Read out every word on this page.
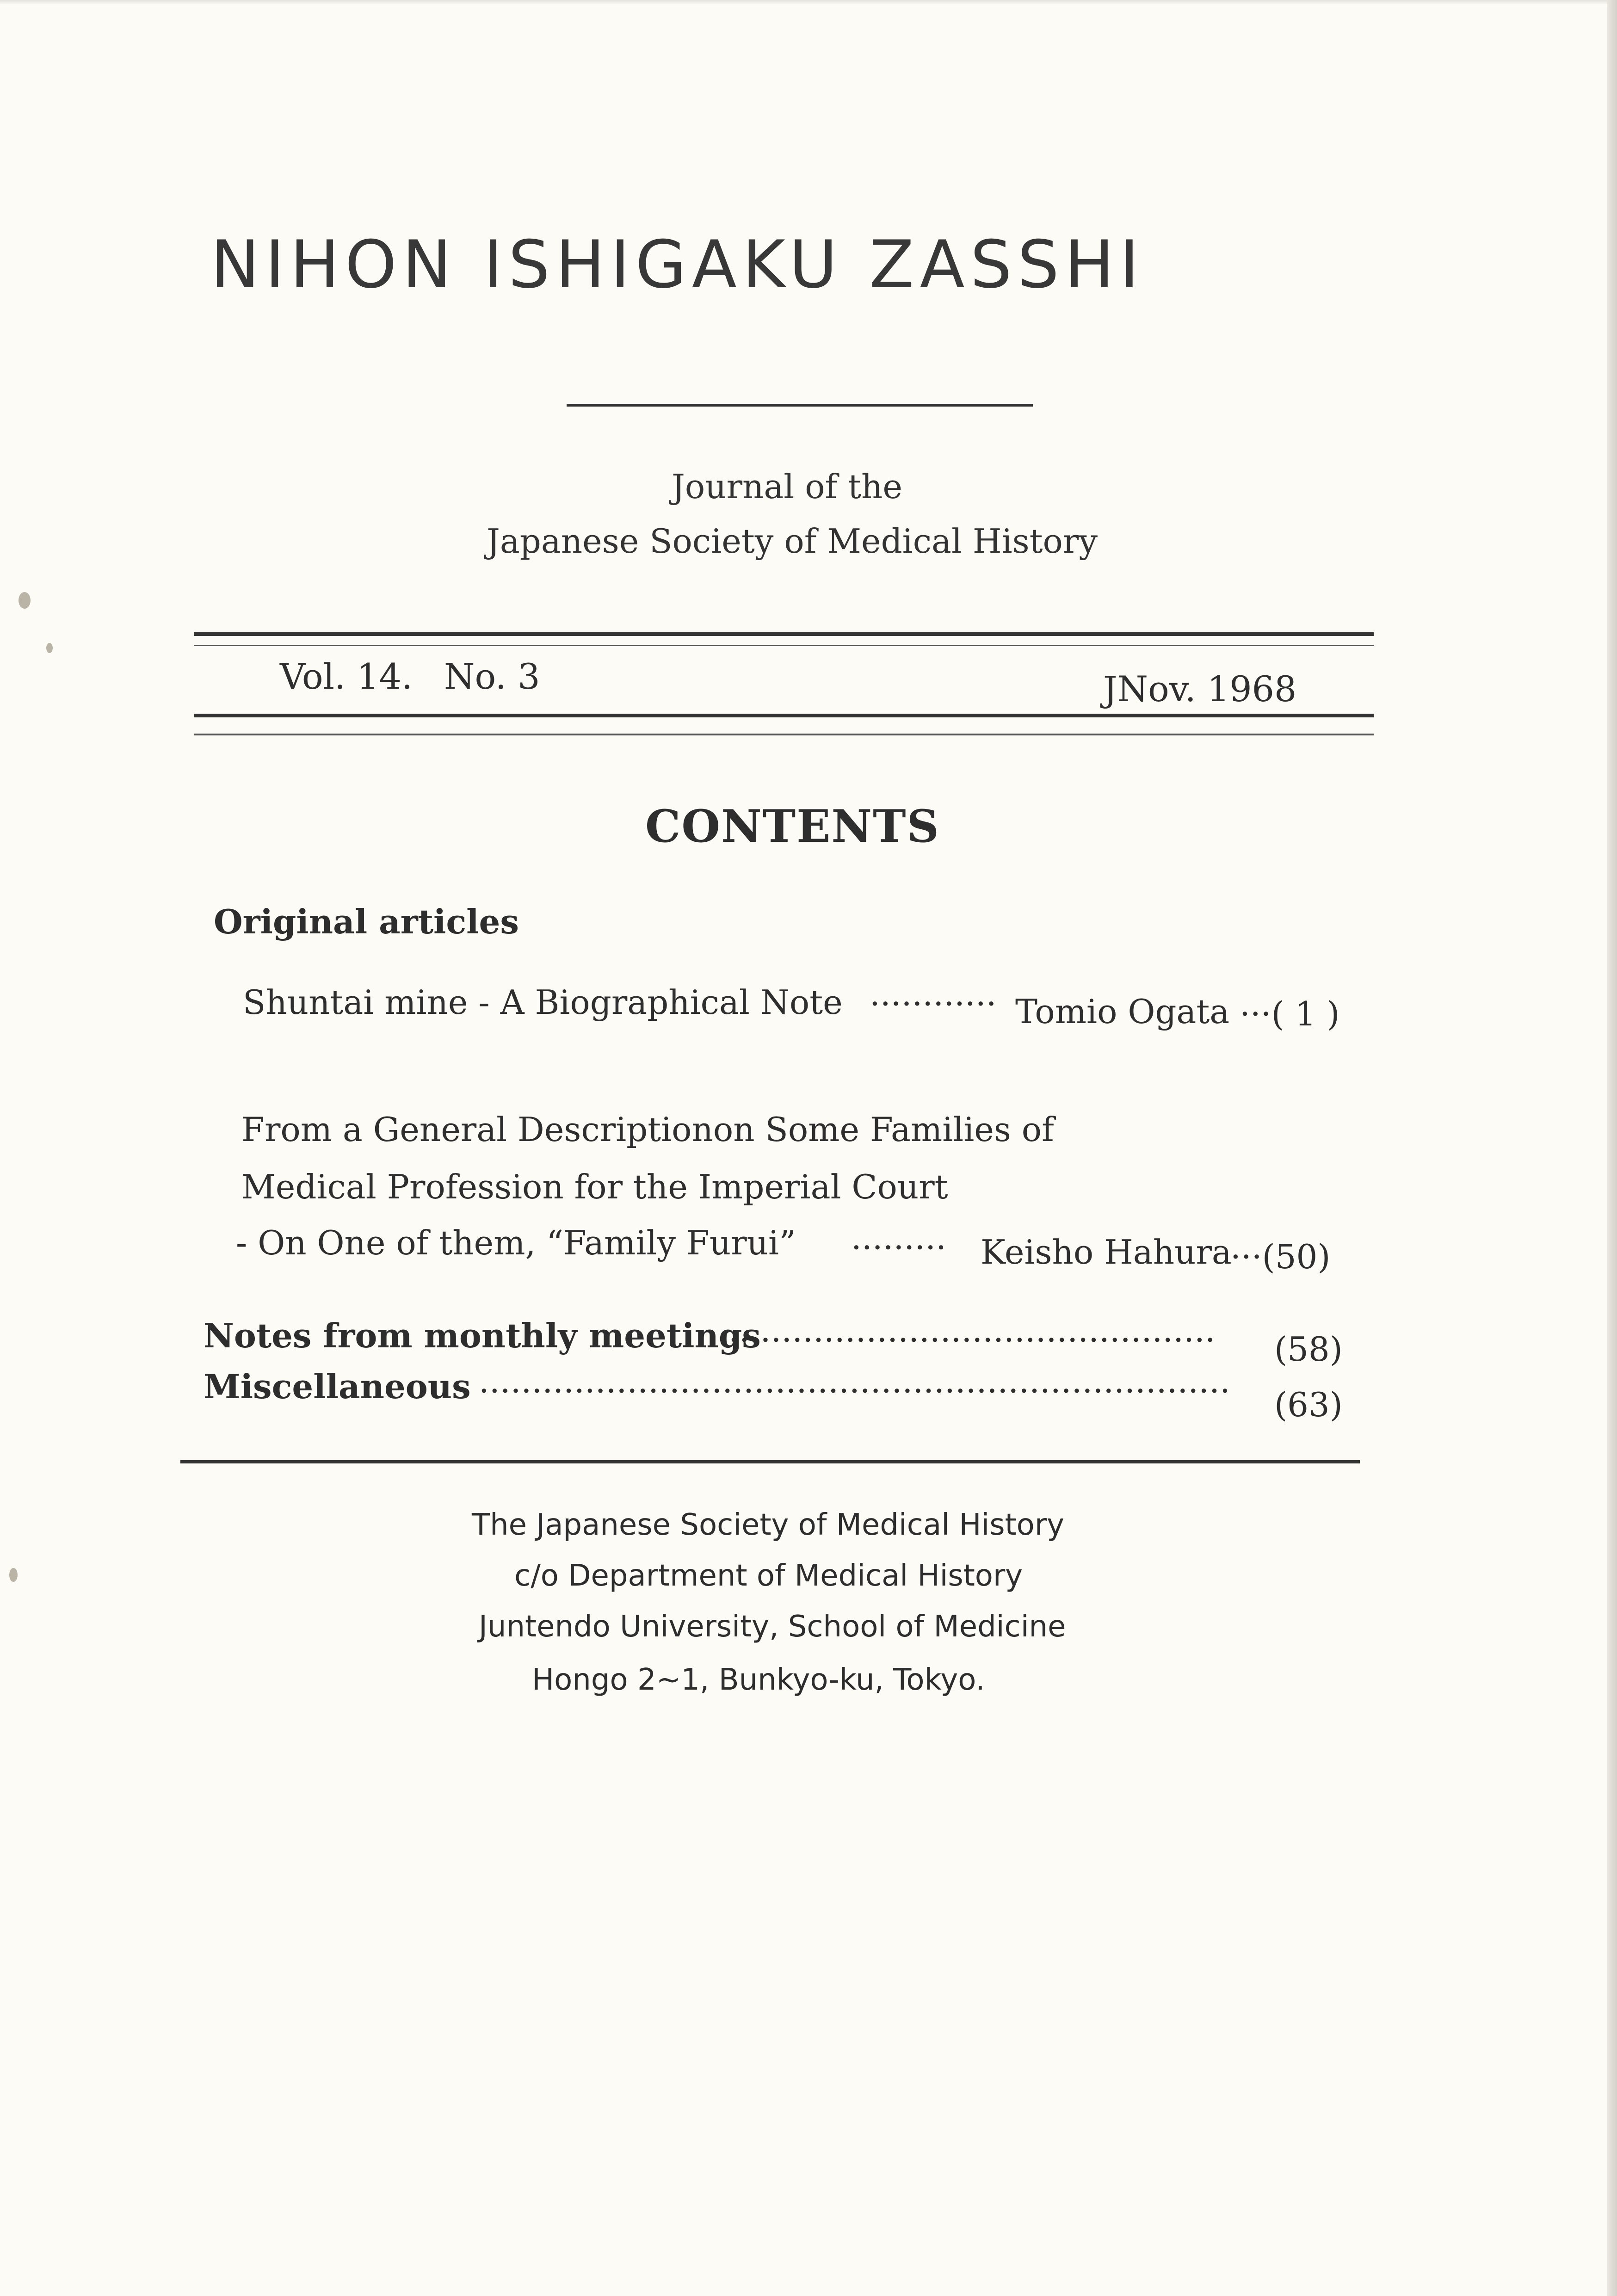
NIHON ISHIGAKU ZASSHI
Journal of the
Japanese Society of Medical History
Vol. 14. No. 3	JNov. 1968
CONTENTS
Original articles
Shuntai mine - A Biographical Note ············ Tomio Ogata ···( 1 )
From a General Descriptionon Some Families of
Medical Profession for the Imperial Court
- On One of them, “Family Furui” ········· Keisho Hahura
···(50)
Notes from monthly meetings
·············································· (58)
Miscellaneous ······································································· (63)
The Japanese Society of Medical History
c/o Department of Medical History
Juntendo University, School of Medicine
Hongo 2~1, Bunkyo-ku, Tokyo.
